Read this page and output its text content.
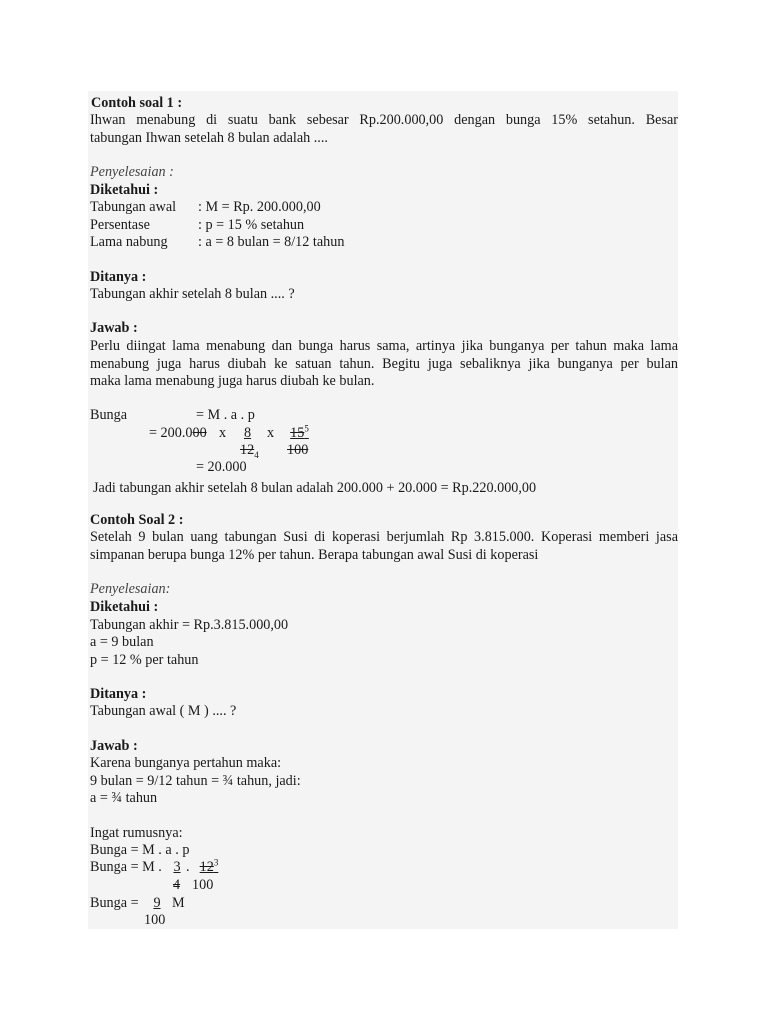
Contoh soal 1 :
Ihwan menabung di suatu bank sebesar Rp.200.000,00 dengan bunga 15% setahun. Besar
tabungan Ihwan setelah 8 bulan adalah ....
Penyelesaian :
Diketahui :
Tabungan awal : M = Rp. 200.000,00
Persentase	: p = 15 % setahun
Lama nabung : a = 8 bulan = 8/12 tahun
Ditanya :
Tabungan akhir setelah 8 bulan .... ?
Jawab :
Perlu diingat lama menabung dan bunga harus sama, artinya jika bunganya per tahun maka lama
menabung juga harus diubah ke satuan tahun. Begitu juga sebaliknya jika bunganya per bulan
maka lama menabung juga harus diubah ke bulan.
Bunga	= M . a . p
= 200.000 x	8	x	$15^5$
$12_4$ 100
= 20.000
Jadi tabungan akhir setelah 8 bulan adalah 200.000 + 20.000 = Rp.220.000,00
Contoh Soal 2 :
Setelah 9 bulan uang tabungan Susi di koperasi berjumlah Rp 3.815.000. Koperasi memberi jasa
simpanan berupa bunga 12% per tahun. Berapa tabungan awal Susi di koperasi
Penyelesaian:
Diketahui :
Tabungan akhir = Rp.3.815.000,00
a = 9 bulan
p = 12 % per tahun
Ditanya :
Tabungan awal ( M ) .... ?
Jawab :
Karena bunganya pertahun maka:
9 bulan = 9/12 tahun = ¾ tahun, jadi:
a = ¾ tahun
Ingat rumusnya:
Bunga = M . a . p
Bunga = M . 3 . $12^3$
4 100
Bunga =	9 M
100
